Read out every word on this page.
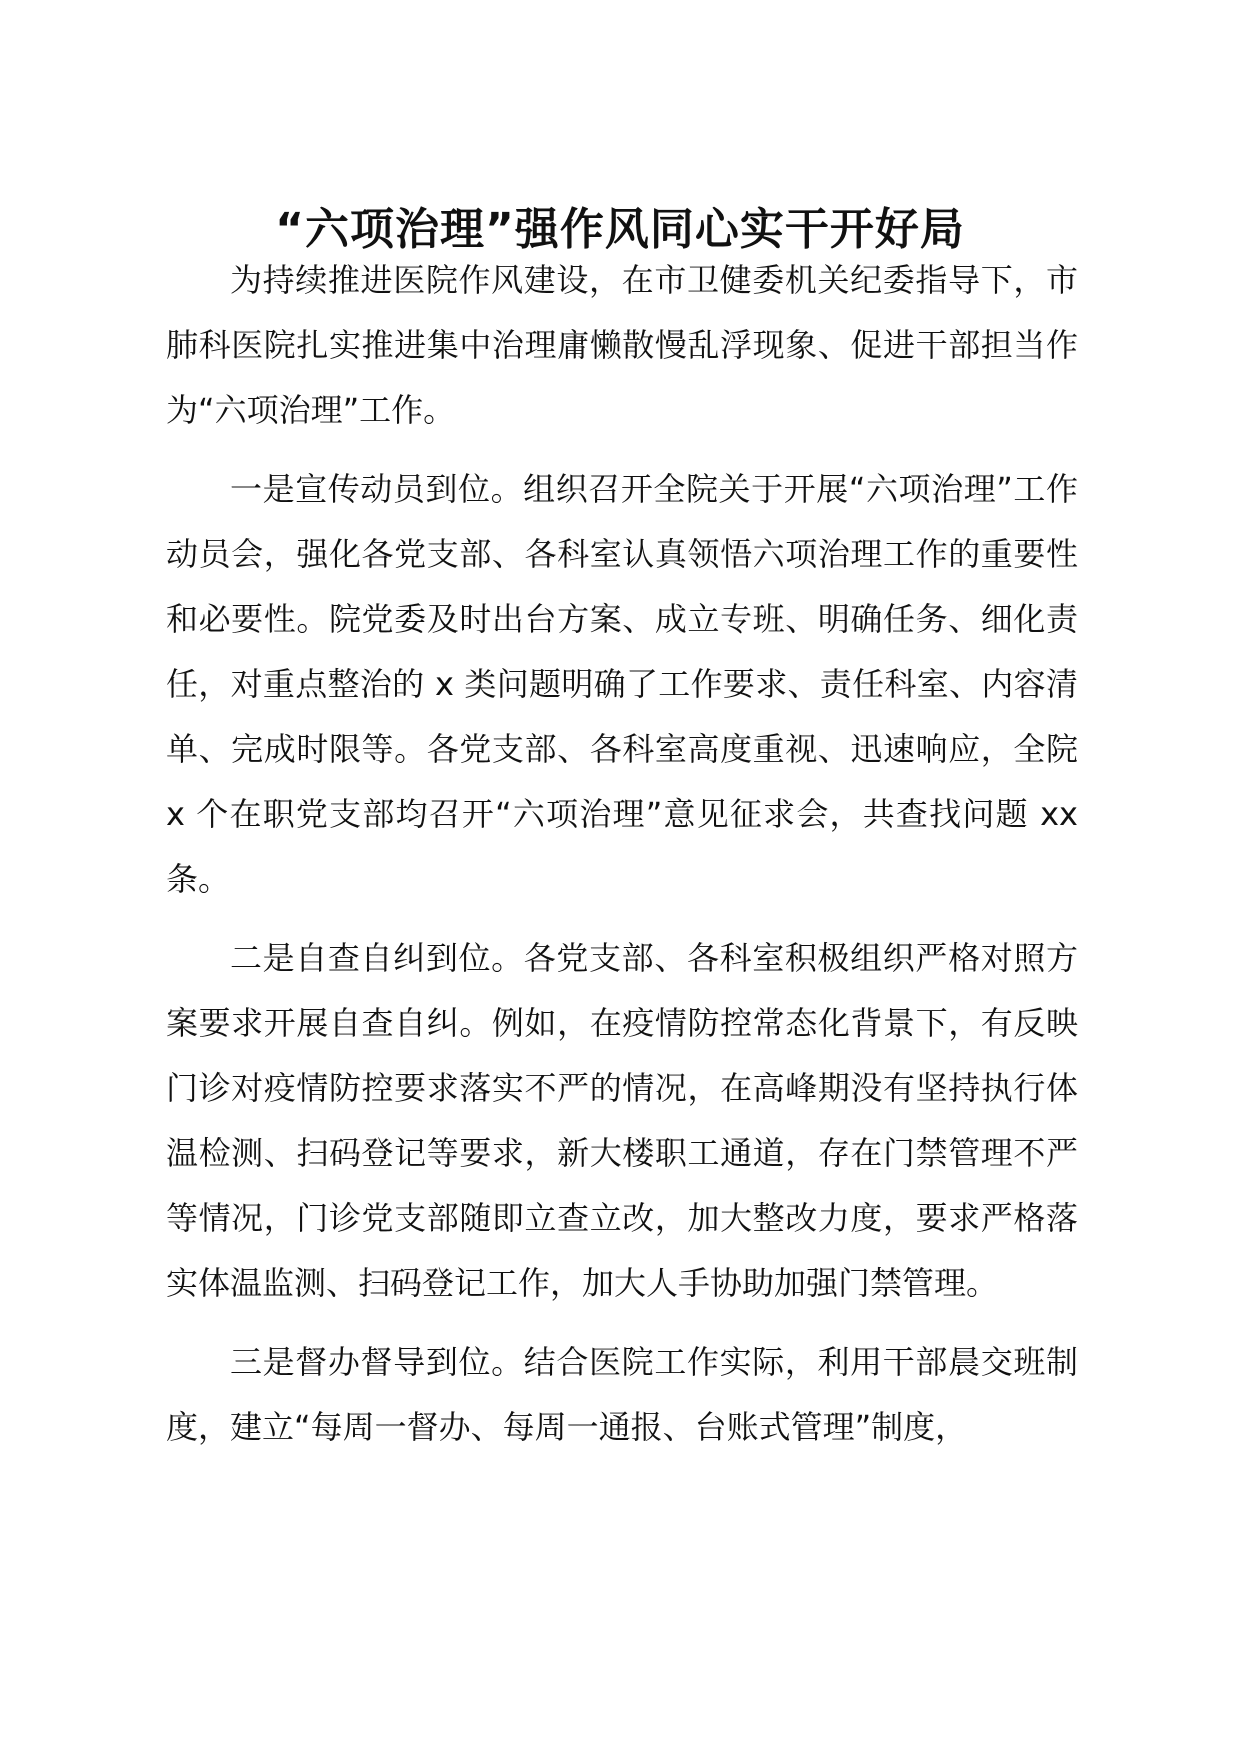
“六项治理”强作风同心实干开好局

为持续推进医院作风建设，在市卫健委机关纪委指导下，市肺科医院扎实推进集中治理庸懒散慢乱浮现象、促进干部担当作为“六项治理”工作。

一是宣传动员到位。组织召开全院关于开展“六项治理”工作动员会，强化各党支部、各科室认真领悟六项治理工作的重要性和必要性。院党委及时出台方案、成立专班、明确任务、细化责任，对重点整治的 x 类问题明确了工作要求、责任科室、内容清单、完成时限等。各党支部、各科室高度重视、迅速响应，全院 x 个在职党支部均召开“六项治理”意见征求会，共查找问题 xx 条。

二是自查自纠到位。各党支部、各科室积极组织严格对照方案要求开展自查自纠。例如，在疫情防控常态化背景下，有反映门诊对疫情防控要求落实不严的情况，在高峰期没有坚持执行体温检测、扫码登记等要求，新大楼职工通道，存在门禁管理不严等情况，门诊党支部随即立查立改，加大整改力度，要求严格落实体温监测、扫码登记工作，加大人手协助加强门禁管理。

三是督办督导到位。结合医院工作实际，利用干部晨交班制度，建立“每周一督办、每周一通报、台账式管理”制度，
